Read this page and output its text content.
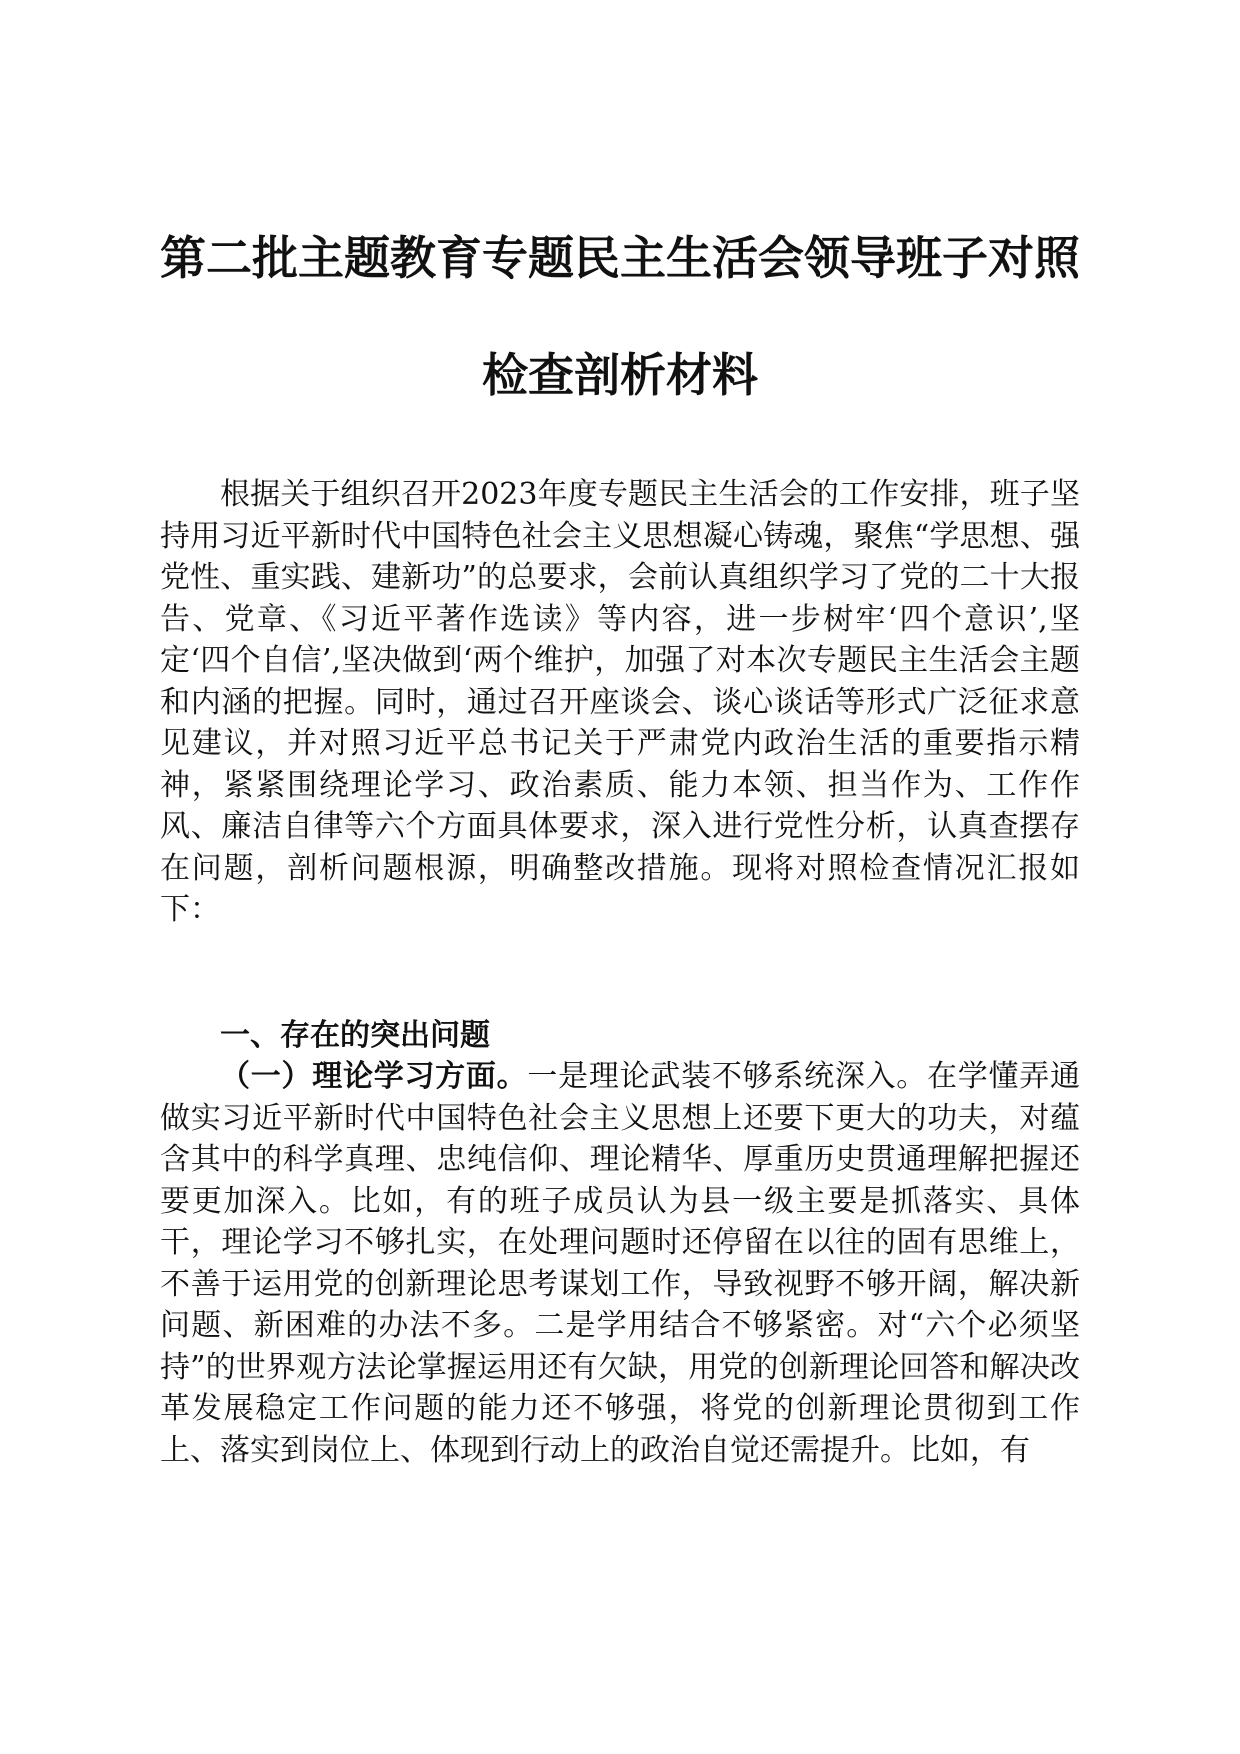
第二批主题教育专题民主生活会领导班子对照
检查剖析材料

根据关于组织召开2023年度专题民主生活会的工作安排，班子坚持用习近平新时代中国特色社会主义思想凝心铸魂，聚焦“学思想、强党性、重实践、建新功”的总要求，会前认真组织学习了党的二十大报告、党章、《习近平著作选读》等内容，进一步树牢‘四个意识’,坚定‘四个自信’,坚决做到‘两个维护，加强了对本次专题民主生活会主题和内涵的把握。同时，通过召开座谈会、谈心谈话等形式广泛征求意见建议，并对照习近平总书记关于严肃党内政治生活的重要指示精神，紧紧围绕理论学习、政治素质、能力本领、担当作为、工作作风、廉洁自律等六个方面具体要求，深入进行党性分析，认真查摆存在问题，剖析问题根源，明确整改措施。现将对照检查情况汇报如下：

一、存在的突出问题

（一）理论学习方面。一是理论武装不够系统深入。在学懂弄通做实习近平新时代中国特色社会主义思想上还要下更大的功夫，对蕴含其中的科学真理、忠纯信仰、理论精华、厚重历史贯通理解把握还要更加深入。比如，有的班子成员认为县一级主要是抓落实、具体干，理论学习不够扎实，在处理问题时还停留在以往的固有思维上，不善于运用党的创新理论思考谋划工作，导致视野不够开阔，解决新问题、新困难的办法不多。二是学用结合不够紧密。对“六个必须坚持”的世界观方法论掌握运用还有欠缺，用党的创新理论回答和解决改革发展稳定工作问题的能力还不够强，将党的创新理论贯彻到工作上、落实到岗位上、体现到行动上的政治自觉还需提升。比如，有
